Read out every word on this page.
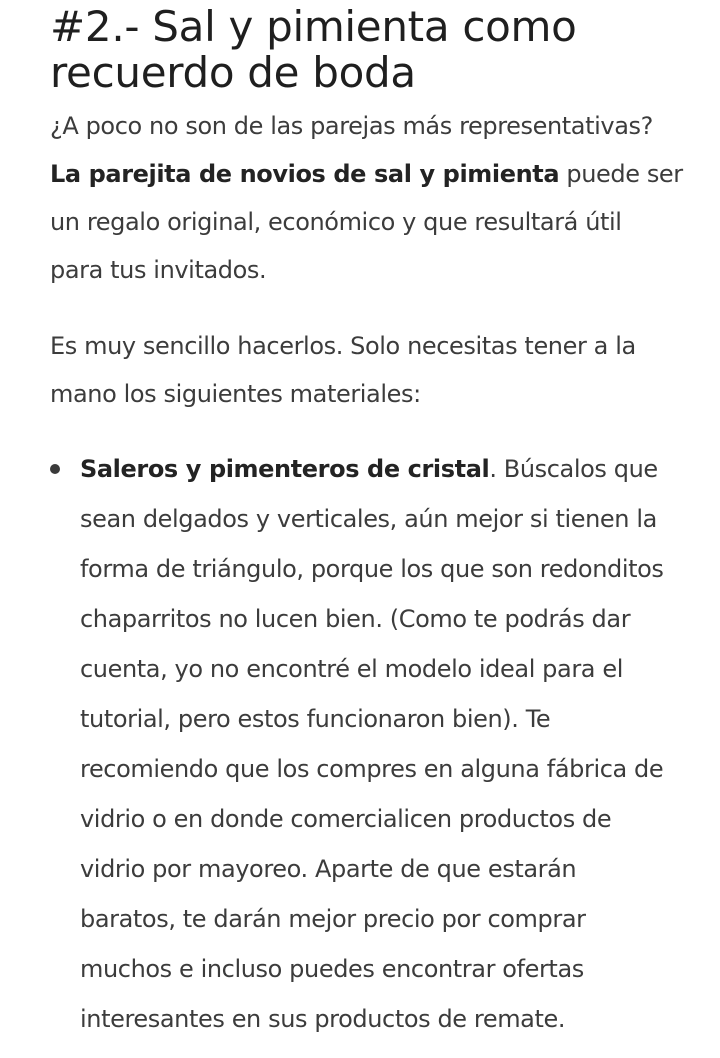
#2.- Sal y pimienta como
recuerdo de boda

¿A poco no son de las parejas más representativas?
La parejita de novios de sal y pimienta puede ser
un regalo original, económico y que resultará útil
para tus invitados.

Es muy sencillo hacerlos. Solo necesitas tener a la
mano los siguientes materiales:

Saleros y pimenteros de cristal. Búscalos que
sean delgados y verticales, aún mejor si tienen la
forma de triángulo, porque los que son redonditos
chaparritos no lucen bien. (Como te podrás dar
cuenta, yo no encontré el modelo ideal para el
tutorial, pero estos funcionaron bien). Te
recomiendo que los compres en alguna fábrica de
vidrio o en donde comercialicen productos de
vidrio por mayoreo. Aparte de que estarán
baratos, te darán mejor precio por comprar
muchos e incluso puedes encontrar ofertas
interesantes en sus productos de remate.
